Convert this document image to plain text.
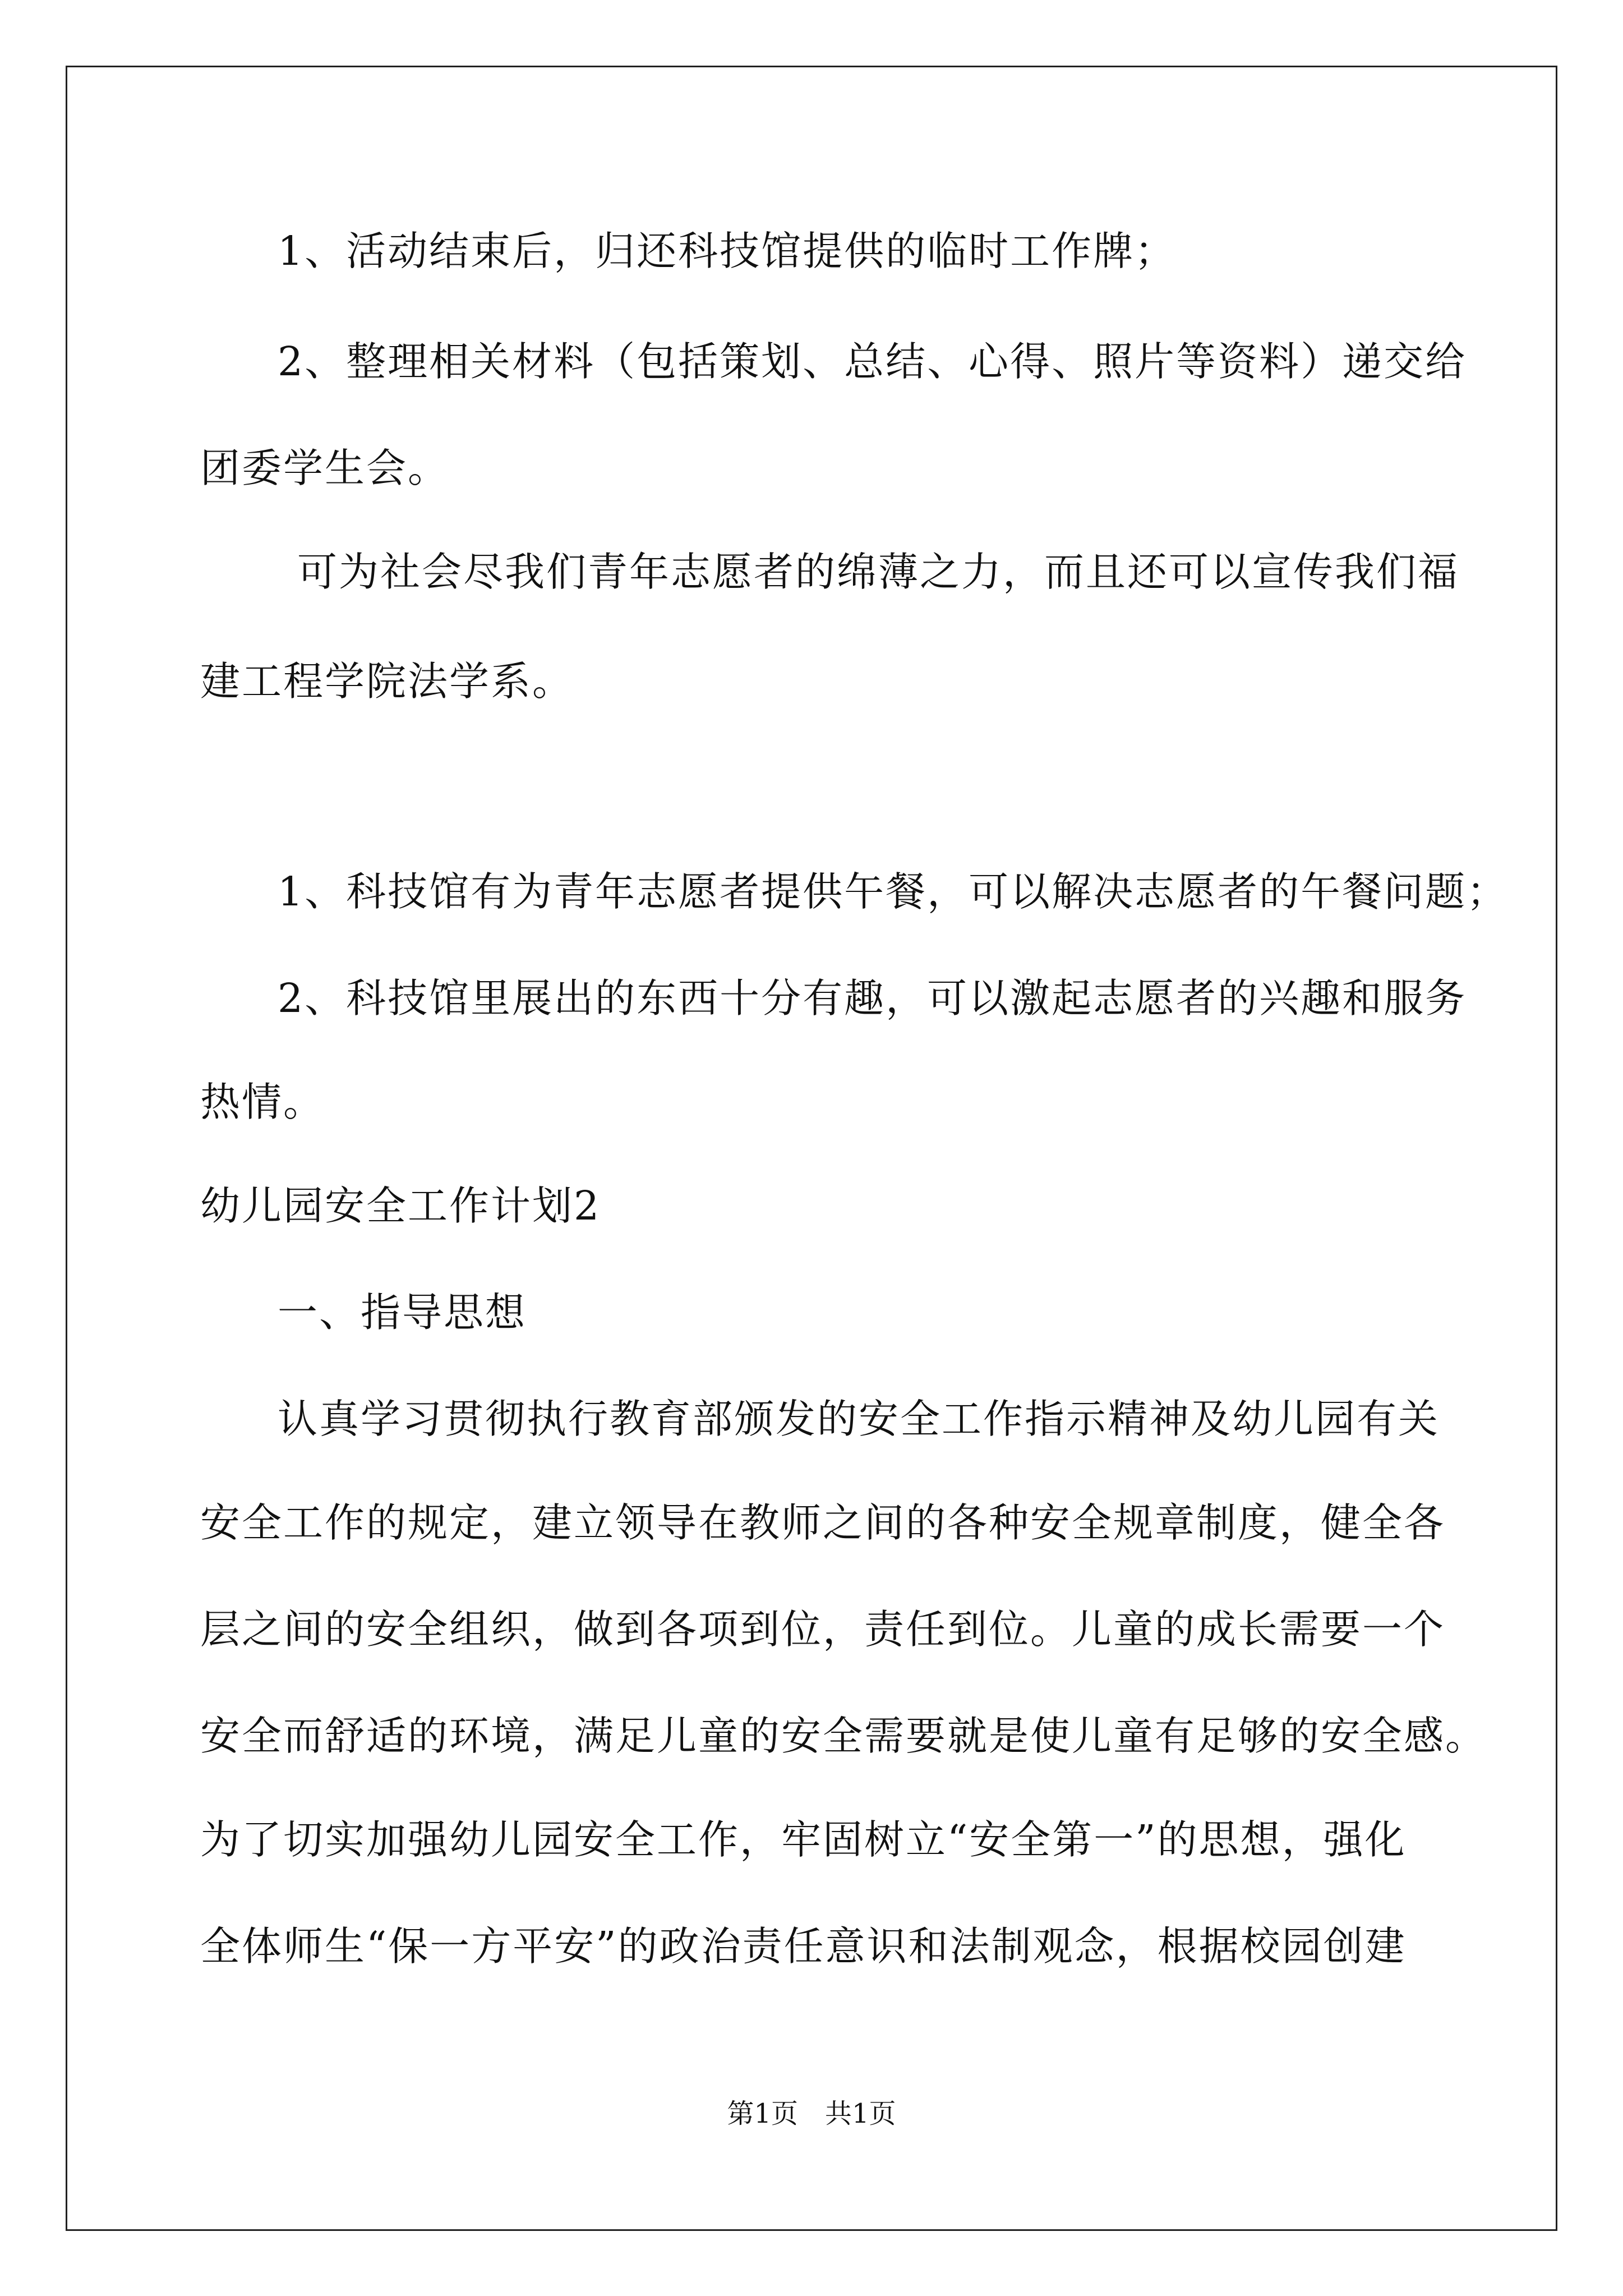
1、活动结束后，归还科技馆提供的临时工作牌；
2、整理相关材料（包括策划、总结、心得、照片等资料）递交给
团委学生会。
可为社会尽我们青年志愿者的绵薄之力，而且还可以宣传我们福
建工程学院法学系。
1、科技馆有为青年志愿者提供午餐，可以解决志愿者的午餐问题；
2、科技馆里展出的东西十分有趣，可以激起志愿者的兴趣和服务
热情。
幼儿园安全工作计划2
一、指导思想
认真学习贯彻执行教育部颁发的安全工作指示精神及幼儿园有关
安全工作的规定，建立领导在教师之间的各种安全规章制度，健全各
层之间的安全组织，做到各项到位，责任到位。儿童的成长需要一个
安全而舒适的环境，满足儿童的安全需要就是使儿童有足够的安全感。
为了切实加强幼儿园安全工作，牢固树立“安全第一”的思想，强化
全体师生“保一方平安”的政治责任意识和法制观念，根据校园创建
第1页　共1页
